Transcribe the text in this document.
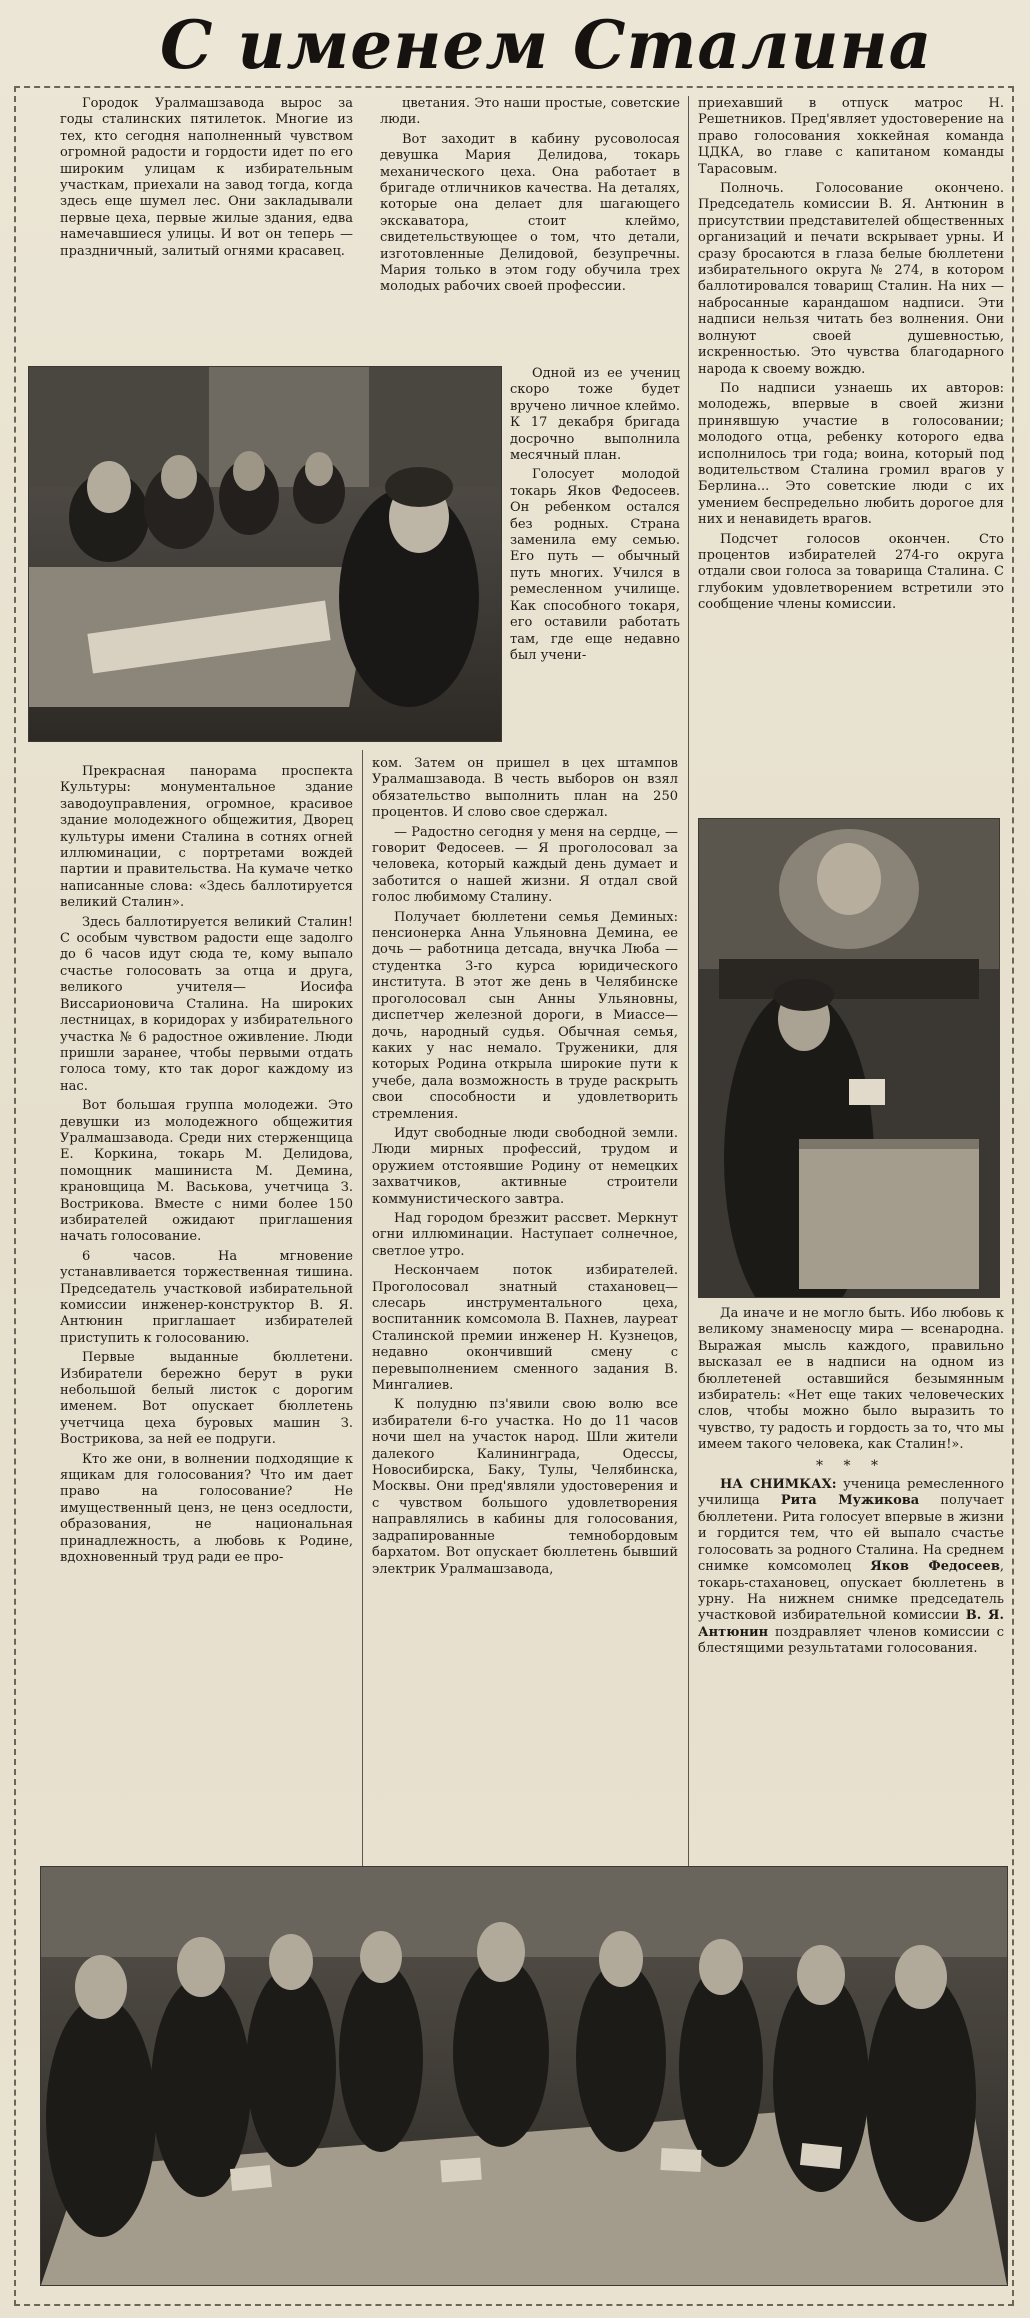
С именем Сталина

Городок Уралмашзавода вырос за годы сталинских пятилеток. Многие из тех, кто сегодня наполненный чувством огромной радости и гордости идет по его широким улицам к избирательным участкам, приехали на завод тогда, когда здесь еще шумел лес. Они закладывали первые цеха, первые жилые здания, едва намечавшиеся улицы. И вот он теперь — праздничный, залитый огнями красавец.

цветания. Это наши простые, советские люди.

Вот заходит в кабину русоволосая девушка Мария Делидова, токарь механического цеха. Она работает в бригаде отличников качества. На деталях, которые она делает для шагающего экскаватора, стоит клеймо, свидетельствующее о том, что детали, изготовленные Делидовой, безупречны. Мария только в этом году обучила трех молодых рабочих своей профессии.

Одной из ее учениц скоро тоже будет вручено личное клеймо. К 17 декабря бригада досрочно выполнила месячный план.

Голосует молодой токарь Яков Федосеев. Он ребенком остался без родных. Страна заменила ему семью. Его путь — обычный путь многих. Учился в ремесленном училище. Как способного токаря, его оставили работать там, где еще недавно был учени-

Прекрасная панорама проспекта Культуры: монументальное здание заводоуправления, огромное, красивое здание молодежного общежития, Дворец культуры имени Сталина в сотнях огней иллюминации, с портретами вождей партии и правительства. На кумаче четко написанные слова: «Здесь баллотируется великий Сталин».

Здесь баллотируется великий Сталин! С особым чувством радости еще задолго до 6 часов идут сюда те, кому выпало счастье голосовать за отца и друга, великого учителя— Иосифа Виссарионовича Сталина. На широких лестницах, в коридорах у избирательного участка № 6 радостное оживление. Люди пришли заранее, чтобы первыми отдать голоса тому, кто так дорог каждому из нас.

Вот большая группа молодежи. Это девушки из молодежного общежития Уралмашзавода. Среди них стерженщица Е. Коркина, токарь М. Делидова, помощник машиниста М. Демина, крановщица М. Васькова, учетчица З. Вострикова. Вместе с ними более 150 избирателей ожидают приглашения начать голосование.

6 часов. На мгновение устанавливается торжественная тишина. Председатель участковой избирательной комиссии инженер-конструктор В. Я. Антюнин приглашает избирателей приступить к голосованию.

Первые выданные бюллетени. Избиратели бережно берут в руки небольшой белый листок с дорогим именем. Вот опускает бюллетень учетчица цеха буровых машин З. Вострикова, за ней ее подруги.

Кто же они, в волнении подходящие к ящикам для голосования? Что им дает право на голосование? Не имущественный ценз, не ценз оседлости, образования, не национальная принадлежность, а любовь к Родине, вдохновенный труд ради ее про-

ком. Затем он пришел в цех штампов Уралмашзавода. В честь выборов он взял обязательство выполнить план на 250 процентов. И слово свое сдержал.

— Радостно сегодня у меня на сердце, — говорит Федосеев. — Я проголосовал за человека, который каждый день думает и заботится о нашей жизни. Я отдал свой голос любимому Сталину.

Получает бюллетени семья Деминых: пенсионерка Анна Ульяновна Демина, ее дочь — работница детсада, внучка Люба — студентка 3-го курса юридического института. В этот же день в Челябинске проголосовал сын Анны Ульяновны, диспетчер железной дороги, в Миассе— дочь, народный судья. Обычная семья, каких у нас немало. Труженики, для которых Родина открыла широкие пути к учебе, дала возможность в труде раскрыть свои способности и удовлетворить стремления.

Идут свободные люди свободной земли. Люди мирных профессий, трудом и оружием отстоявшие Родину от немецких захватчиков, активные строители коммунистического завтра.

Над городом брезжит рассвет. Меркнут огни иллюминации. Наступает солнечное, светлое утро.

Нескончаем поток избирателей. Проголосовал знатный стахановец— слесарь инструментального цеха, воспитанник комсомола В. Пахнев, лауреат Сталинской премии инженер Н. Кузнецов, недавно окончивший смену с перевыполнением сменного задания В. Мингалиев.

К полудню пз'явили свою волю все избиратели 6-го участка. Но до 11 часов ночи шел на участок народ. Шли жители далекого Калининграда, Одессы, Новосибирска, Баку, Тулы, Челябинска, Москвы. Они пред'являли удостоверения и с чувством большого удовлетворения направлялись в кабины для голосования, задрапированные темнобордовым бархатом. Вот опускает бюллетень бывший электрик Уралмашзавода,

приехавший в отпуск матрос Н. Решетников. Пред'являет удостоверение на право голосования хоккейная команда ЦДКА, во главе с капитаном команды Тарасовым.

Полночь. Голосование окончено. Председатель комиссии В. Я. Антюнин в присутствии представителей общественных организаций и печати вскрывает урны. И сразу бросаются в глаза белые бюллетени избирательного округа № 274, в котором баллотировался товарищ Сталин. На них — набросанные карандашом надписи. Эти надписи нельзя читать без волнения. Они волнуют своей душевностью, искренностью. Это чувства благодарного народа к своему вождю.

По надписи узнаешь их авторов: молодежь, впервые в своей жизни принявшую участие в голосовании; молодого отца, ребенку которого едва исполнилось три года; воина, который под водительством Сталина громил врагов у Берлина... Это советские люди с их умением беспредельно любить дорогое для них и ненавидеть врагов.

Подсчет голосов окончен. Сто процентов избирателей 274-го округа отдали свои голоса за товарища Сталина. С глубоким удовлетворением встретили это сообщение члены комиссии.

Да иначе и не могло быть. Ибо любовь к великому знаменосцу мира — всенародна. Выражая мысль каждого, правильно высказал ее в надписи на одном из бюллетеней оставшийся безымянным избиратель: «Нет еще таких человеческих слов, чтобы можно было выразить то чувство, ту радость и гордость за то, что мы имеем такого человека, как Сталин!».

* * *

НА СНИМКАХ: ученица ремесленного училища Рита Мужикова получает бюллетени. Рита голосует впервые в жизни и гордится тем, что ей выпало счастье голосовать за родного Сталина. На среднем снимке комсомолец Яков Федосеев, токарь-стахановец, опускает бюллетень в урну. На нижнем снимке председатель участковой избирательной комиссии В. Я. Антюнин поздравляет членов комиссии с блестящими результатами голосования.
